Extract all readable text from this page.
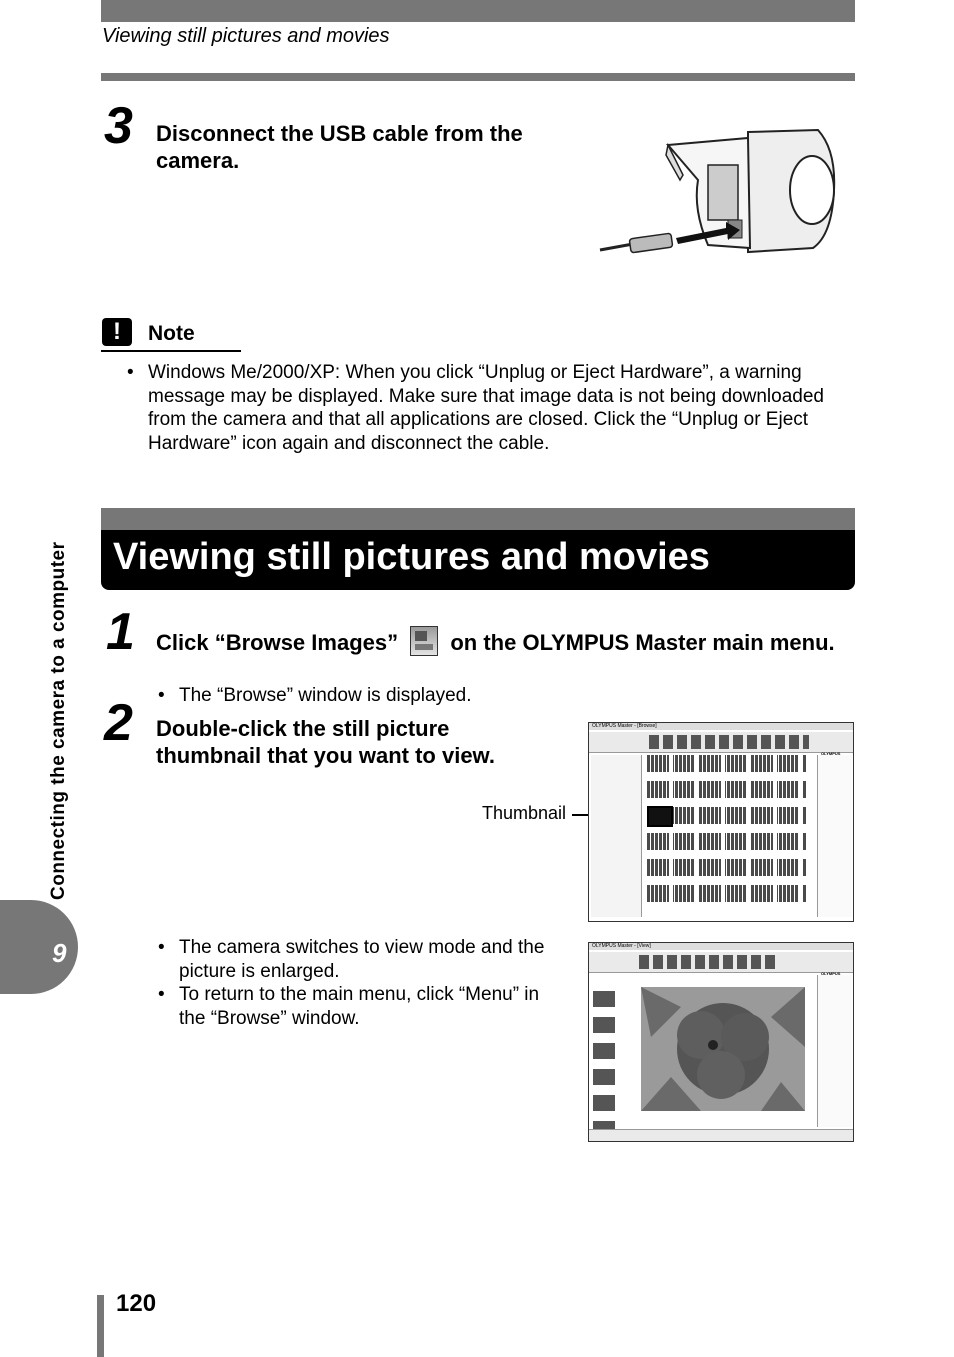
Viewing still pictures and movies
3 Disconnect the USB cable from the camera.
!	Note
• Windows Me/2000/XP: When you click “Unplug or Eject Hardware”, a warning message may be displayed. Make sure that image data is not being downloaded from the camera and that all applications are closed. Click the “Unplug or Eject Hardware” icon again and disconnect the cable.
Viewing still pictures and movies
1 Click “Browse Images” on the OLYMPUS Master main menu.
• The “Browse” window is displayed.
2 Double-click the still picture thumbnail that you want to view.
Thumbnail
OLYMPUS Master - [Browse]
OLYMPUS
• The camera switches to view mode and the picture is enlarged.
• To return to the main menu, click “Menu” in the “Browse” window.
OLYMPUS Master - [View]
OLYMPUS
Connecting the camera to a computer
9
120
